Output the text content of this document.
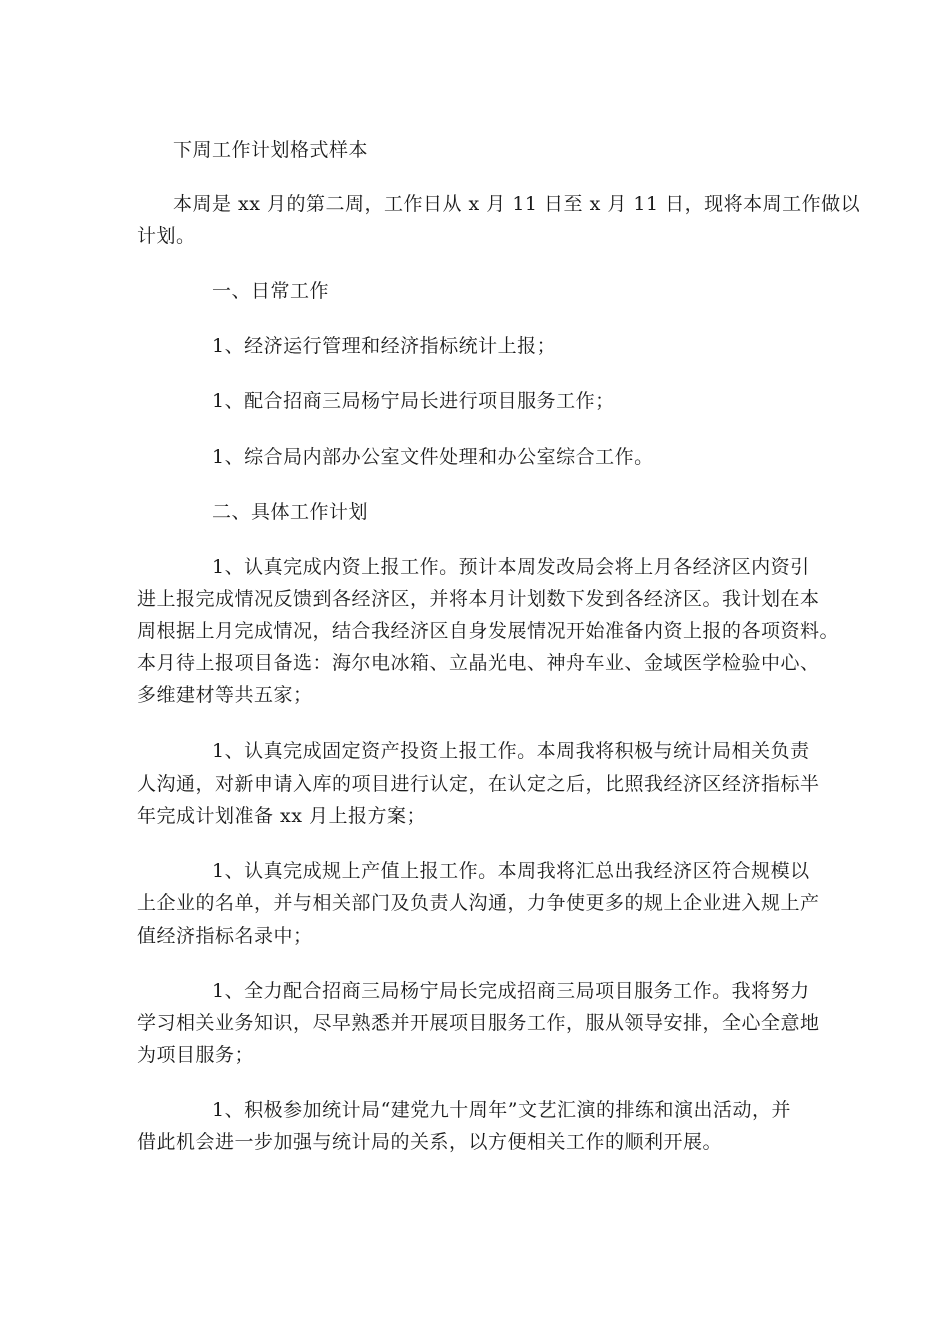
下周工作计划格式样本
本周是 xx 月的第二周，工作日从 x 月 11 日至 x 月 11 日，现将本周工作做以
计划。
一、日常工作
1、经济运行管理和经济指标统计上报；
1、配合招商三局杨宁局长进行项目服务工作；
1、综合局内部办公室文件处理和办公室综合工作。
二、具体工作计划
1、认真完成内资上报工作。预计本周发改局会将上月各经济区内资引
进上报完成情况反馈到各经济区，并将本月计划数下发到各经济区。我计划在本
周根据上月完成情况，结合我经济区自身发展情况开始准备内资上报的各项资料。
本月待上报项目备选：海尔电冰箱、立晶光电、神舟车业、金域医学检验中心、
多维建材等共五家；
1、认真完成固定资产投资上报工作。本周我将积极与统计局相关负责
人沟通，对新申请入库的项目进行认定，在认定之后，比照我经济区经济指标半
年完成计划准备 xx 月上报方案；
1、认真完成规上产值上报工作。本周我将汇总出我经济区符合规模以
上企业的名单，并与相关部门及负责人沟通，力争使更多的规上企业进入规上产
值经济指标名录中；
1、全力配合招商三局杨宁局长完成招商三局项目服务工作。我将努力
学习相关业务知识，尽早熟悉并开展项目服务工作，服从领导安排，全心全意地
为项目服务；
1、积极参加统计局“建党九十周年”文艺汇演的排练和演出活动，并
借此机会进一步加强与统计局的关系，以方便相关工作的顺利开展。
